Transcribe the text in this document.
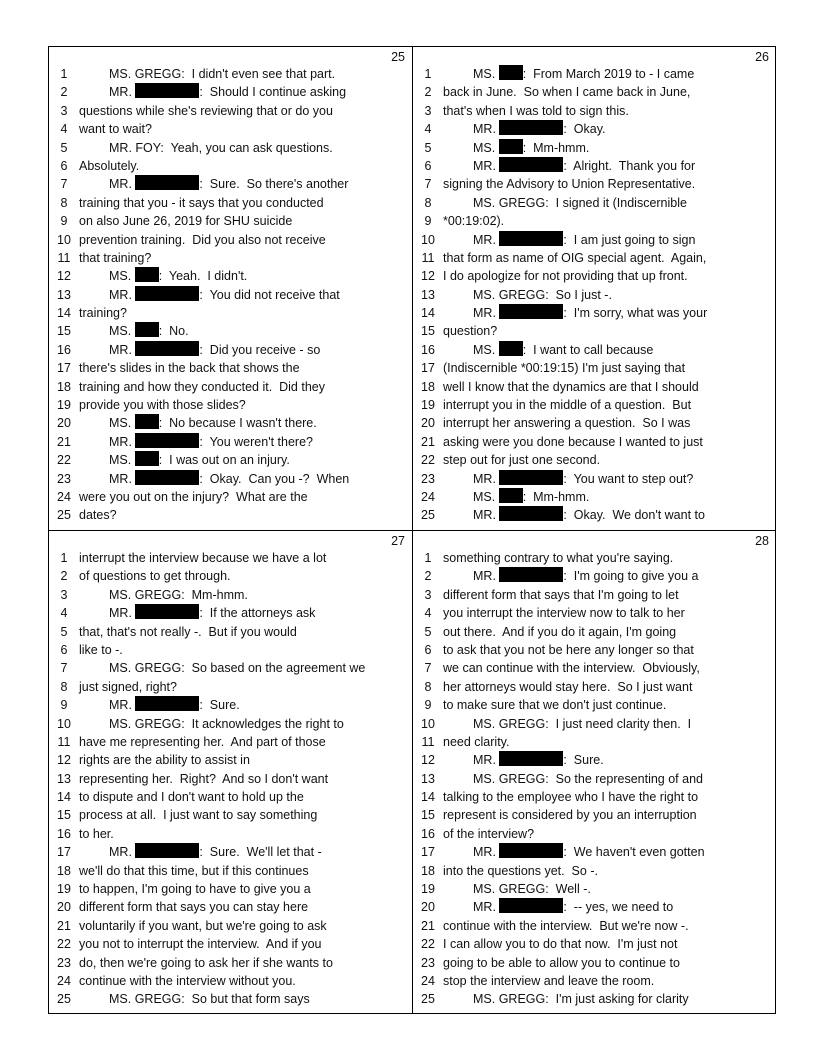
25
1	MS. GREGG:  I didn't even see that part.
2	MR.	:  Should I continue asking
3 questions while she's reviewing that or do you
4 want to wait?
5	MR. FOY:  Yeah, you can ask questions.
6 Absolutely.
7	MR.	:  Sure.  So there's another
8 training that you - it says that you conducted
9 on also June 26, 2019 for SHU suicide
10 prevention training.  Did you also not receive
11 that training?
12	MS. :  Yeah.  I didn't.
13	MR.	:  You did not receive that
14 training?
15	MS. :  No.
16	MR.	:  Did you receive - so
17 there's slides in the back that shows the
18 training and how they conducted it.  Did they
19 provide you with those slides?
20	MS. :  No because I wasn't there.
21	MR.	:  You weren't there?
22	MS. :  I was out on an injury.
23	MR.	:  Okay.  Can you -?  When
24 were you out on the injury?  What are the
25 dates?
26
1	MS. :  From March 2019 to - I came
2 back in June.  So when I came back in June,
3 that's when I was told to sign this.
4	MR.	:  Okay.
5	MS. :  Mm-hmm.
6	MR.	:  Alright.  Thank you for
7 signing the Advisory to Union Representative.
8	MS. GREGG:  I signed it (Indiscernible
9 *00:19:02).
10	MR.	:  I am just going to sign
11 that form as name of OIG special agent.  Again,
12 I do apologize for not providing that up front.
13	MS. GREGG:  So I just -.
14	MR.	:  I'm sorry, what was your
15 question?
16	MS. :  I want to call because
17 (Indiscernible *00:19:15) I'm just saying that
18 well I know that the dynamics are that I should
19 interrupt you in the middle of a question.  But
20 interrupt her answering a question.  So I was
21 asking were you done because I wanted to just
22 step out for just one second.
23	MR.	:  You want to step out?
24	MS. :  Mm-hmm.
25	MR.	:  Okay.  We don't want to
27
1 interrupt the interview because we have a lot
2 of questions to get through.
3	MS. GREGG:  Mm-hmm.
4	MR.	:  If the attorneys ask
5 that, that's not really -.  But if you would
6 like to -.
7	MS. GREGG:  So based on the agreement we
8 just signed, right?
9	MR.	:  Sure.
10	MS. GREGG:  It acknowledges the right to
11 have me representing her.  And part of those
12 rights are the ability to assist in
13 representing her.  Right?  And so I don't want
14 to dispute and I don't want to hold up the
15 process at all.  I just want to say something
16 to her.
17	MR.	:  Sure.  We'll let that -
18 we'll do that this time, but if this continues
19 to happen, I'm going to have to give you a
20 different form that says you can stay here
21 voluntarily if you want, but we're going to ask
22 you not to interrupt the interview.  And if you
23 do, then we're going to ask her if she wants to
24 continue with the interview without you.
25	MS. GREGG:  So but that form says
28
1 something contrary to what you're saying.
2	MR.	:  I'm going to give you a
3 different form that says that I'm going to let
4 you interrupt the interview now to talk to her
5 out there.  And if you do it again, I'm going
6 to ask that you not be here any longer so that
7 we can continue with the interview.  Obviously,
8 her attorneys would stay here.  So I just want
9 to make sure that we don't just continue.
10	MS. GREGG:  I just need clarity then.  I
11 need clarity.
12	MR.	:  Sure.
13	MS. GREGG:  So the representing of and
14 talking to the employee who I have the right to
15 represent is considered by you an interruption
16 of the interview?
17	MR.	:  We haven't even gotten
18 into the questions yet.  So -.
19	MS. GREGG:  Well -.
20	MR.	:  -- yes, we need to
21 continue with the interview.  But we're now -.
22 I can allow you to do that now.  I'm just not
23 going to be able to allow you to continue to
24 stop the interview and leave the room.
25	MS. GREGG:  I'm just asking for clarity
